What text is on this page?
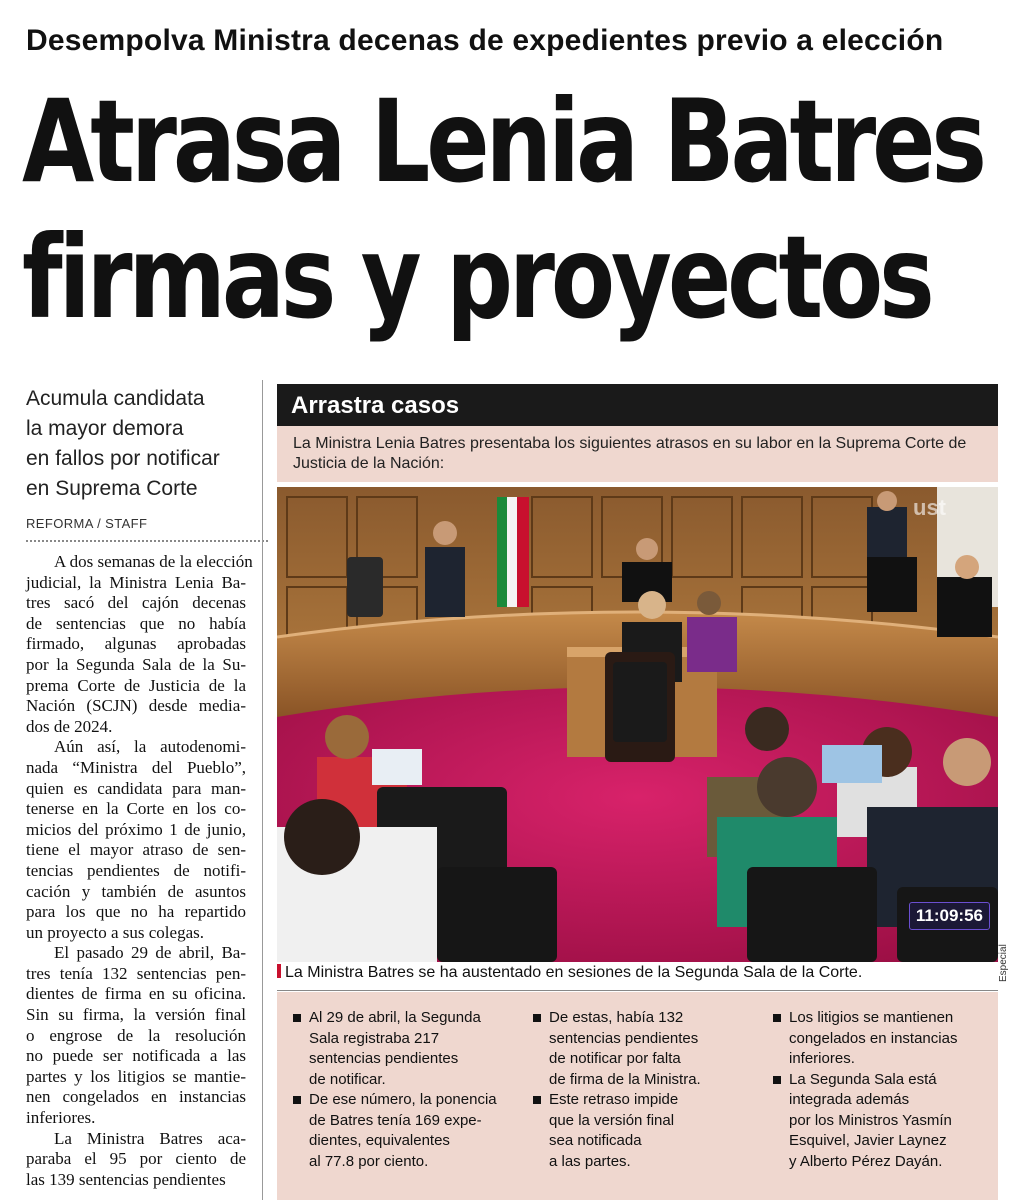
Desempolva Ministra decenas de expedientes previo a elección
Atrasa Lenia Batres
firmas y proyectos
Acumula candidata
la mayor demora
en fallos por notificar
en Suprema Corte
REFORMA / STAFF

A dos semanas de la elección
judicial, la Ministra Lenia Ba-
tres sacó del cajón decenas
de sentencias que no había
firmado, algunas aprobadas
por la Segunda Sala de la Su-
prema Corte de Justicia de la
Nación (SCJN) desde media-
dos de 2024.

Aún así, la autodenomi-
nada “Ministra del Pueblo”,
quien es candidata para man-
tenerse en la Corte en los co-
micios del próximo 1 de junio,
tiene el mayor atraso de sen-
tencias pendientes de notifi-
cación y también de asuntos
para los que no ha repartido
un proyecto a sus colegas.

El pasado 29 de abril, Ba-
tres tenía 132 sentencias pen-
dientes de firma en su oficina.
Sin su firma, la versión final
o engrose de la resolución
no puede ser notificada a las
partes y los litigios se mantie-
nen congelados en instancias
inferiores.

La Ministra Batres aca-
paraba el 95 por ciento de
las 139 sentencias pendientes

Arrastra casos
La Ministra Lenia Batres presentaba los siguientes atrasos en su labor en la Suprema Corte de Justicia de la Nación:
ust
11:09:56
Especial
La Ministra Batres se ha austentado en sesiones de la Segunda Sala de la Corte.
Al 29 de abril, la Segunda
Sala registraba 217
sentencias pendientes
de notificar.
De ese número, la ponencia
de Batres tenía 169 expe-
dientes, equivalentes
al 77.8 por ciento.
De estas, había 132
sentencias pendientes
de notificar por falta
de firma de la Ministra.
Este retraso impide
que la versión final
sea notificada
a las partes.
Los litigios se mantienen
congelados en instancias
inferiores.
La Segunda Sala está
integrada además
por los Ministros Yasmín
Esquivel, Javier Laynez
y Alberto Pérez Dayán.
